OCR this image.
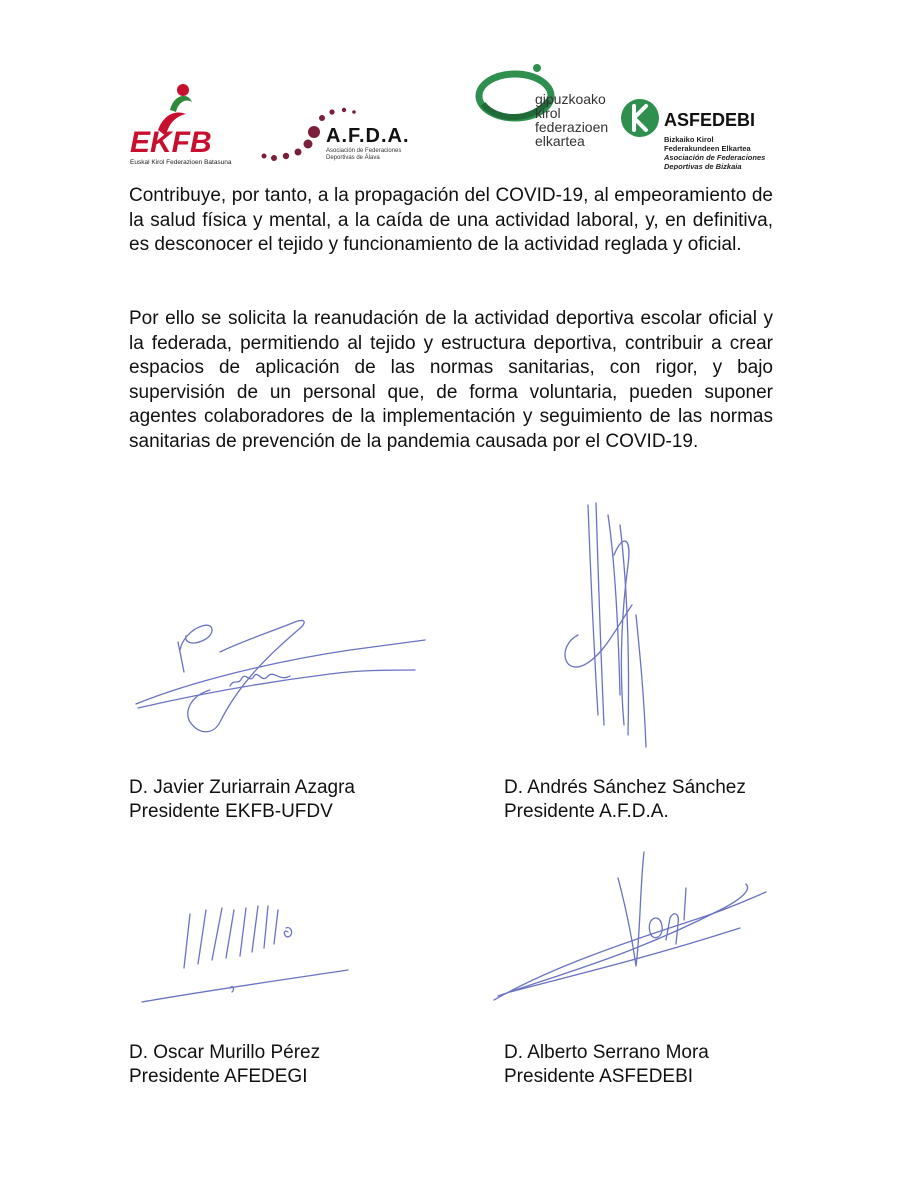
EKFB
Euskal Kirol Federazioen Batasuna
A.F.D.A.
Asociación de Federaciones
Deportivas de Álava
gipuzkoako
kirol
federazioen
elkartea
ASFEDEBI
Bizkaiko Kirol
Federakundeen Elkartea
Asociación de Federaciones
Deportivas de Bizkaia
Contribuye, por tanto, a la propagación del COVID-19, al empeoramiento de la salud física y mental, a la caída de una actividad laboral, y, en definitiva, es desconocer el tejido y funcionamiento de la actividad reglada y oficial.
Por ello se solicita la reanudación de la actividad deportiva escolar oficial y la federada, permitiendo al tejido y estructura deportiva, contribuir a crear espacios de aplicación de las normas sanitarias, con rigor, y bajo supervisión de un personal que, de forma voluntaria, pueden suponer agentes colaboradores de la implementación y seguimiento de las normas sanitarias de prevención de la pandemia causada por el COVID-19.
D. Javier Zuriarrain Azagra
Presidente EKFB-UFDV
D. Andrés Sánchez Sánchez
Presidente A.F.D.A.
D. Oscar Murillo Pérez
Presidente AFEDEGI
D. Alberto Serrano Mora
Presidente ASFEDEBI
